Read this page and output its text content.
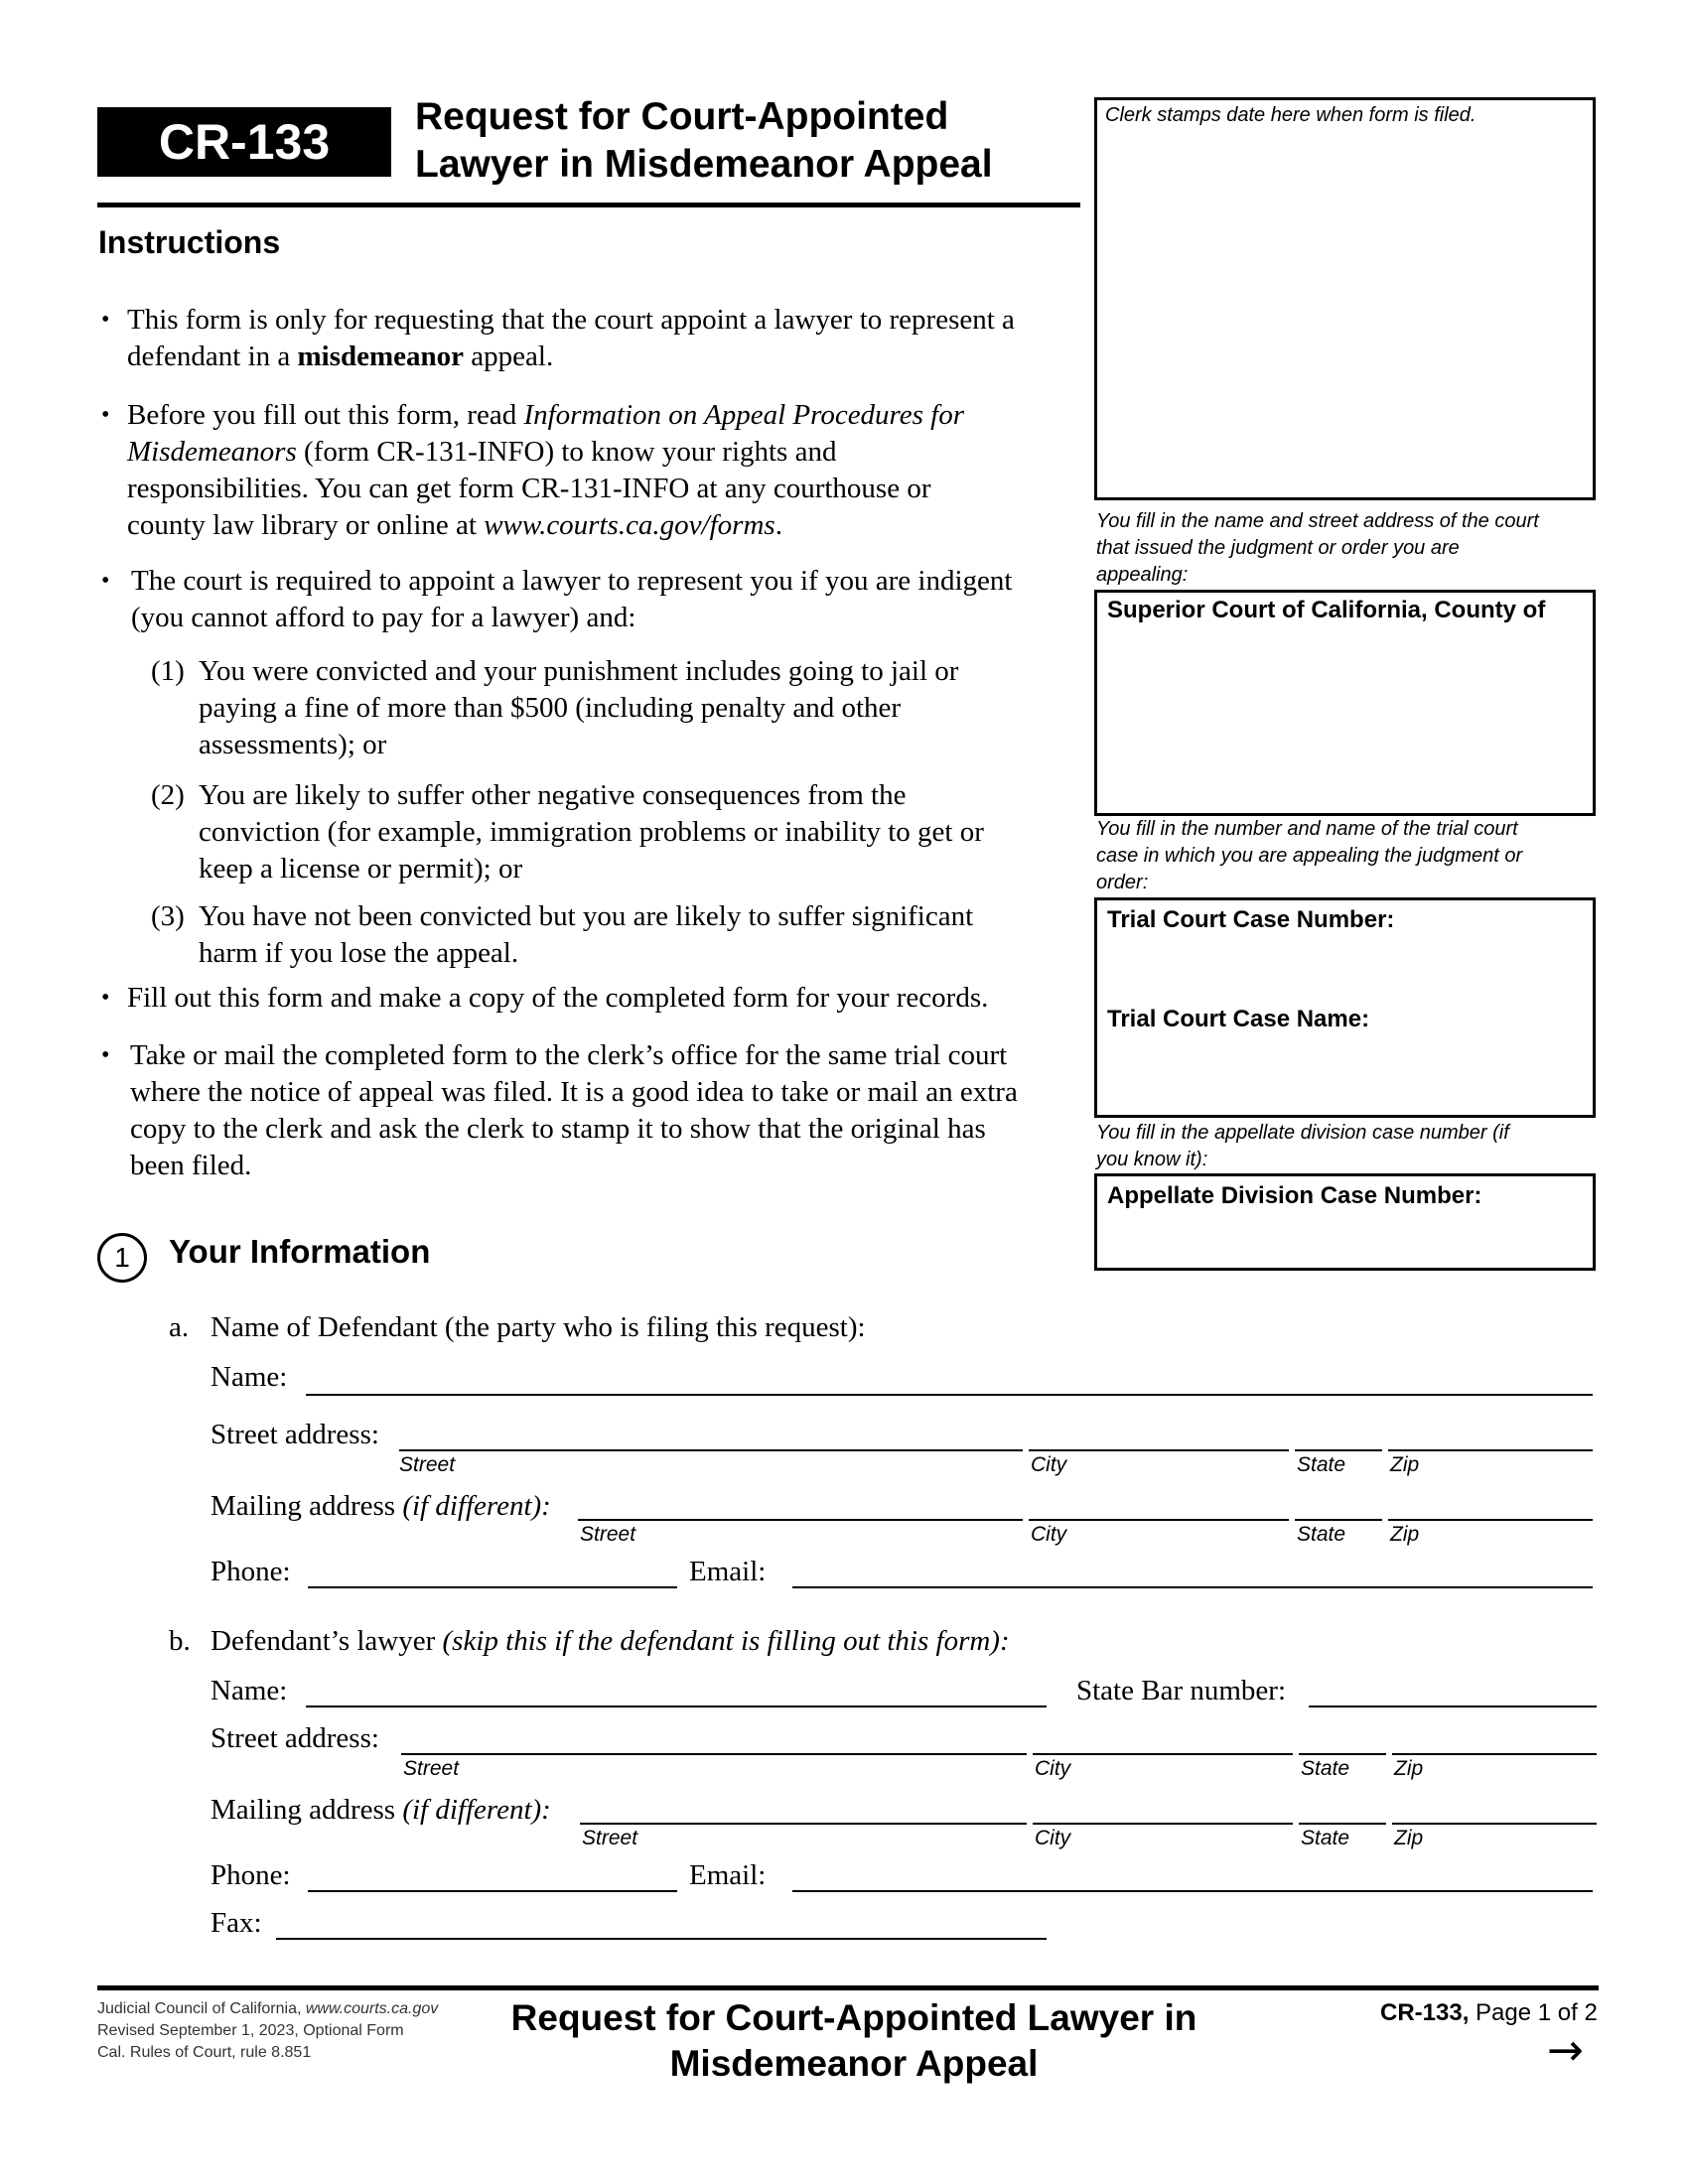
CR-133	Request for Court-Appointed
Lawyer in Misdemeanor Appeal
Instructions
• This form is only for requesting that the court appoint a lawyer to represent a
defendant in a misdemeanor appeal.
• Before you fill out this form, read Information on Appeal Procedures for
Misdemeanors (form CR-131-INFO) to know your rights and
responsibilities. You can get form CR-131-INFO at any courthouse or
county law library or online at www.courts.ca.gov/forms.
• The court is required to appoint a lawyer to represent you if you are indigent
(you cannot afford to pay for a lawyer) and:
(1) You were convicted and your punishment includes going to jail or
paying a fine of more than $500 (including penalty and other
assessments); or
(2) You are likely to suffer other negative consequences from the
conviction (for example, immigration problems or inability to get or
keep a license or permit); or
(3) You have not been convicted but you are likely to suffer significant
harm if you lose the appeal.
• Fill out this form and make a copy of the completed form for your records.
• Take or mail the completed form to the clerk’s office for the same trial court
where the notice of appeal was filed. It is a good idea to take or mail an extra
copy to the clerk and ask the clerk to stamp it to show that the original has
been filed.
Clerk stamps date here when form is filed.
You fill in the name and street address of the court
that issued the judgment or order you are
appealing:
Superior Court of California, County of
You fill in the number and name of the trial court
case in which you are appealing the judgment or
order:
Trial Court Case Number:
Trial Court Case Name:
You fill in the appellate division case number (if
you know it):
Appellate Division Case Number:
1	Your Information
a. Name of Defendant (the party who is filing this request):
Name:
Street address:
Street	City	State Zip
Mailing address (if different):
Street	City	State Zip
Phone:	Email:
b. Defendant’s lawyer (skip this if the defendant is filling out this form):
Name:	State Bar number:
Street address:
Street	City	State Zip
Mailing address (if different):
Street	City	State Zip
Phone:	Email:
Fax:
Judicial Council of California, www.courts.ca.gov
Revised September 1, 2023, Optional Form
Cal. Rules of Court, rule 8.851
Request for Court-Appointed Lawyer in
Misdemeanor Appeal
CR-133, Page 1 of 2
→
